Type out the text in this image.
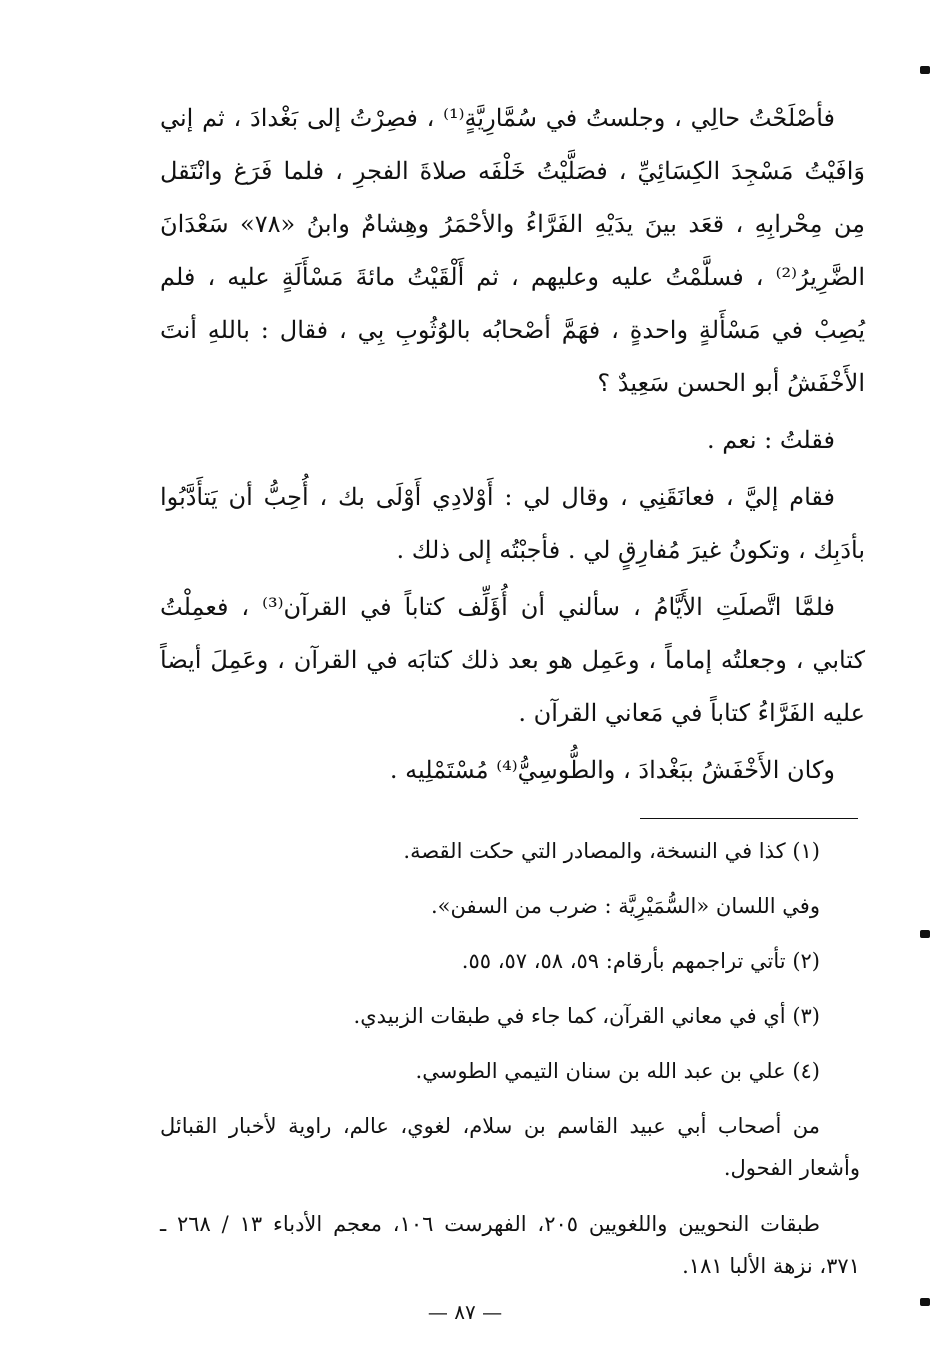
فأصْلَحْتُ حالِي ، وجلستُ في سُمَّارِيَّةٍ⁽¹⁾ ، فصِرْتُ إلى بَغْدادَ ، ثم إني وَافَيْتُ مَسْجِدَ الكِسَائِيِّ ، فصَلَّيْتُ خَلْفَه صلاةَ الفجرِ ، فلما فَرَغ وانْتَقل مِن مِحْرابِهِ ، قعَد بينَ يدَيْهِ الفَرَّاءُ والأحْمَرُ وهِشامٌ وابنُ «٧٨» سَعْدَانَ الضَّرِيرُ⁽²⁾ ، فسلَّمْتُ عليه وعليهم ، ثم أَلْقَيْتُ مائةَ مَسْأَلَةٍ عليه ، فلم يُصِبْ في مَسْأَلةٍ واحدةٍ ، فهَمَّ أصْحابُه بالوُثُوبِ بِي ، فقال : باللهِ أنتَ الأَخْفَشُ أبو الحسن سَعِيدٌ ؟

فقلتُ : نعم .

فقام إليَّ ، فعانَقَنِي ، وقال لي : أَوْلادِي أَوْلَى بك ، أُحِبُّ أن يَتأَدَّبُوا بأدَبِك ، وتكونُ غيرَ مُفارِقٍ لي . فأجبْتُه إلى ذلك .

فلمَّا اتَّصلَتِ الأَيَّامُ ، سألني أن أُؤَلِّف كتاباً في القرآن⁽³⁾ ، فعمِلْتُ كتابي ، وجعلتُه إماماً ، وعَمِل هو بعد ذلك كتابَه في القرآن ، وعَمِلَ أيضاً عليه الفَرَّاءُ كتاباً في مَعاني القرآن .

وكان الأَخْفَشُ ببَغْدادَ ، والطُّوسِيُّ⁽⁴⁾ مُسْتَمْلِيه .

(١) كذا في النسخة، والمصادر التي حكت القصة.

وفي اللسان «السُّمَيْرِيَّة : ضرب من السفن».

(٢) تأتي تراجمهم بأرقام: ٥٩، ٥٨، ٥٧، ٥٥.

(٣) أي في معاني القرآن، كما جاء في طبقات الزبيدي.

(٤) علي بن عبد الله بن سنان التيمي الطوسي.

من أصحاب أبي عبيد القاسم بن سلام، لغوي، عالم، راوية لأخبار القبائل وأشعار الفحول.

طبقات النحويين واللغويين ٢٠٥، الفهرست ١٠٦، معجم الأدباء ١٣ / ٢٦٨ ـ ٣٧١، نزهة الألبا ١٨١.

— ٨٧ —
